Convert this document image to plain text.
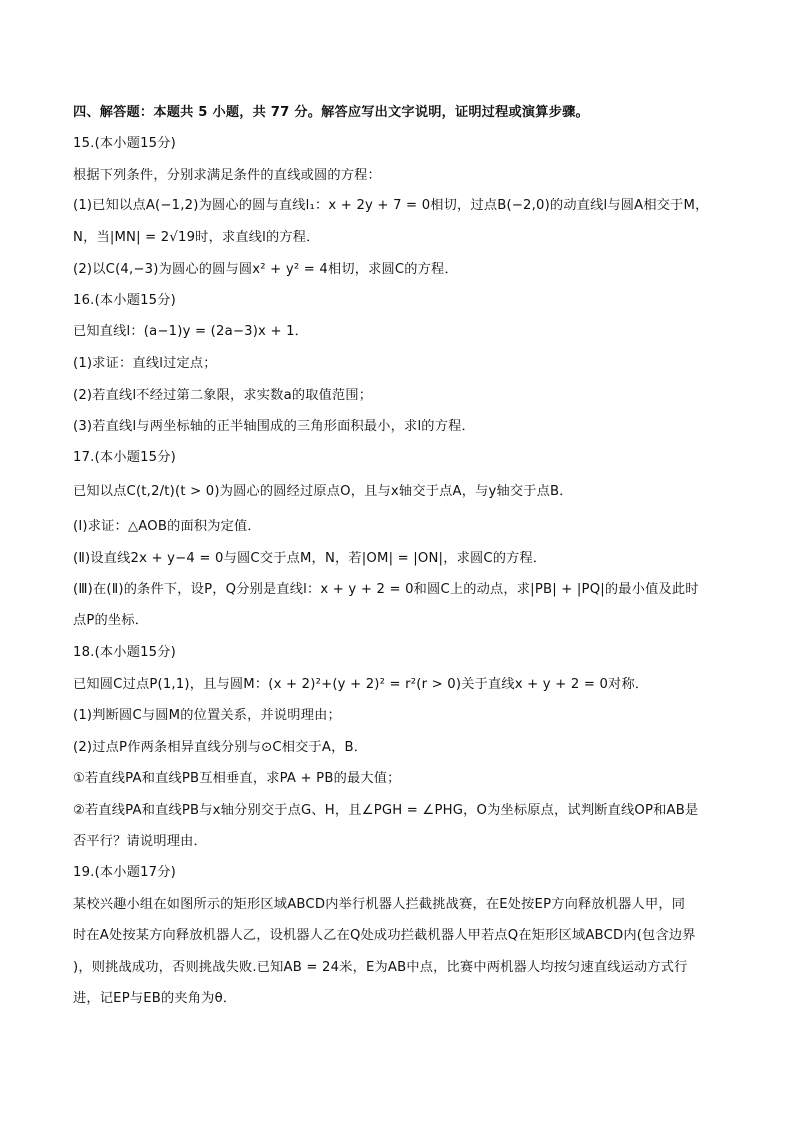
四、解答题：本题共 5 小题，共 77 分。解答应写出文字说明，证明过程或演算步骤。
15.(本小题15分)
根据下列条件，分别求满足条件的直线或圆的方程：
(1)已知以点A(−1,2)为圆心的圆与直线l₁：x + 2y + 7 = 0相切，过点B(−2,0)的动直线l与圆A相交于M，
N，当|MN| = 2√19时，求直线l的方程．
(2)以C(4,−3)为圆心的圆与圆x² + y² = 4相切，求圆C的方程．
16.(本小题15分)
已知直线l：(a−1)y = (2a−3)x + 1．
(1)求证：直线l过定点；
(2)若直线l不经过第二象限，求实数a的取值范围；
(3)若直线l与两坐标轴的正半轴围成的三角形面积最小，求l的方程．
17.(本小题15分)
已知以点C(t,2/t)(t > 0)为圆心的圆经过原点O，且与x轴交于点A，与y轴交于点B．
(Ⅰ)求证：△AOB的面积为定值．
(Ⅱ)设直线2x + y−4 = 0与圆C交于点M，N，若|OM| = |ON|，求圆C的方程．
(Ⅲ)在(Ⅱ)的条件下，设P，Q分别是直线l：x + y + 2 = 0和圆C上的动点，求|PB| + |PQ|的最小值及此时
点P的坐标．
18.(本小题15分)
已知圆C过点P(1,1)，且与圆M：(x + 2)²+(y + 2)² = r²(r > 0)关于直线x + y + 2 = 0对称．
(1)判断圆C与圆M的位置关系，并说明理由；
(2)过点P作两条相异直线分别与⊙C相交于A，B．
①若直线PA和直线PB互相垂直，求PA + PB的最大值；
②若直线PA和直线PB与x轴分别交于点G、H，且∠PGH = ∠PHG，O为坐标原点，试判断直线OP和AB是
否平行？请说明理由．
19.(本小题17分)
某校兴趣小组在如图所示的矩形区域ABCD内举行机器人拦截挑战赛，在E处按EP方向释放机器人甲，同
时在A处按某方向释放机器人乙，设机器人乙在Q处成功拦截机器人甲若点Q在矩形区域ABCD内(包含边界
)，则挑战成功，否则挑战失败.已知AB = 24米，E为AB中点，比赛中两机器人均按匀速直线运动方式行
进，记EP与EB的夹角为θ．
